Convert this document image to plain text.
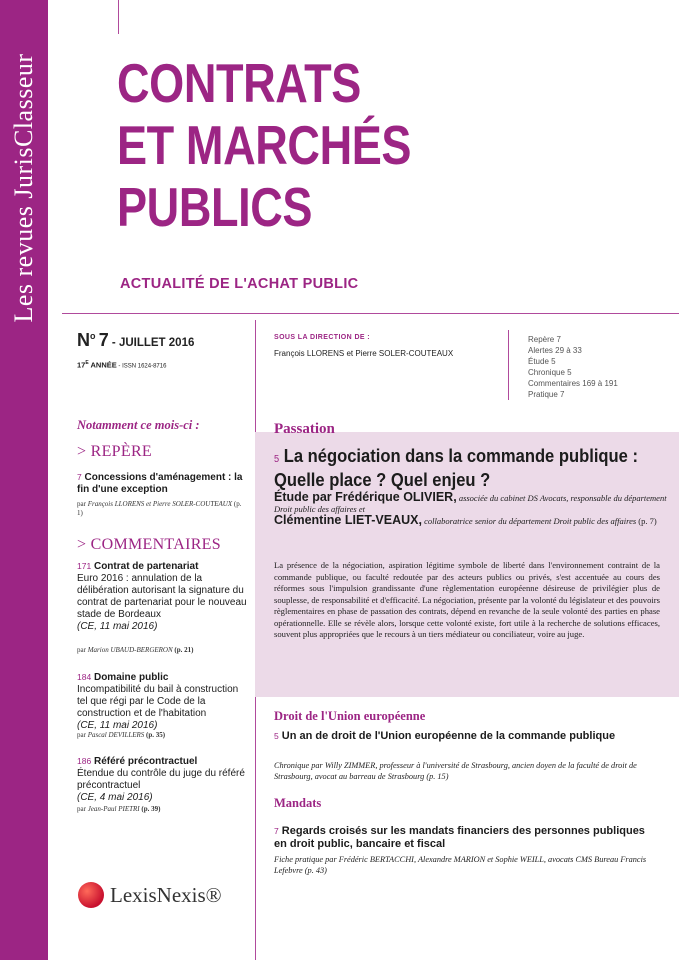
Les revues JurisClasseur CONTRATS
ET MARCHÉS
PUBLICS
ACTUALITÉ DE L'ACHAT PUBLIC
$N^o$ 7 - JUILLET 2016
$17^E$ ANNÉE - ISSN 1624-8716
SOUS LA DIRECTION DE :
François LLORENS et Pierre SOLER-COUTEAUX
Repère 7
Alertes 29 à 33
Étude 5
Chronique 5
Commentaires 169 à 191
Pratique 7
Notamment ce mois-ci :
> REPÈRE
7 Concessions d'aménagement : la fin d'une exception
par François LLORENS et Pierre SOLER-COUTEAUX (p. 1)
> COMMENTAIRES
171 Contrat de partenariat
Euro 2016 : annulation de la délibération autorisant la signature du contrat de partenariat pour le nouveau stade de Bordeaux
(CE, 11 mai 2016)
par Marion UBAUD-BERGERON (p. 21)
184 Domaine public
Incompatibilité du bail à construction tel que régi par le Code de la construction et de l'habitation
(CE, 11 mai 2016)
par Pascal DEVILLERS (p. 35)
186 Référé précontractuel
Étendue du contrôle du juge du référé précontractuel
(CE, 4 mai 2016)
par Jean-Paul PIETRI (p. 39)
Passation
5 La négociation dans la commande publique : Quelle place ? Quel enjeu ?
Étude par Frédérique OLIVIER, associée du cabinet DS Avocats, responsable du département Droit public des affaires et
Clémentine LIET-VEAUX, collaboratrice senior du département Droit public des affaires (p. 7)
La présence de la négociation, aspiration légitime symbole de liberté dans l'environnement contraint de la commande publique, ou faculté redoutée par des acteurs publics ou privés, s'est accentuée au cours des réformes sous l'impulsion grandissante d'une règlementation européenne désireuse de privilégier plus de souplesse, de responsabilité et d'efficacité. La négociation, présente par la volonté du législateur et des pouvoirs règlementaires en phase de passation des contrats, dépend en revanche de la seule volonté des parties en phase opérationnelle. Elle se révèle alors, lorsque cette volonté existe, fort utile à la recherche de solutions efficaces, souvent plus appropriées que le recours à un tiers médiateur ou conciliateur, voire au juge.
Droit de l'Union européenne
5 Un an de droit de l'Union européenne de la commande publique
Chronique par Willy ZIMMER, professeur à l'université de Strasbourg, ancien doyen de la faculté de droit de Strasbourg, avocat au barreau de Strasbourg (p. 15)
Mandats
7 Regards croisés sur les mandats financiers des personnes publiques en droit public, bancaire et fiscal
Fiche pratique par Frédéric BERTACCHI, Alexandre MARION et Sophie WEILL, avocats CMS Bureau Francis Lefebvre (p. 43)
LexisNexis®
